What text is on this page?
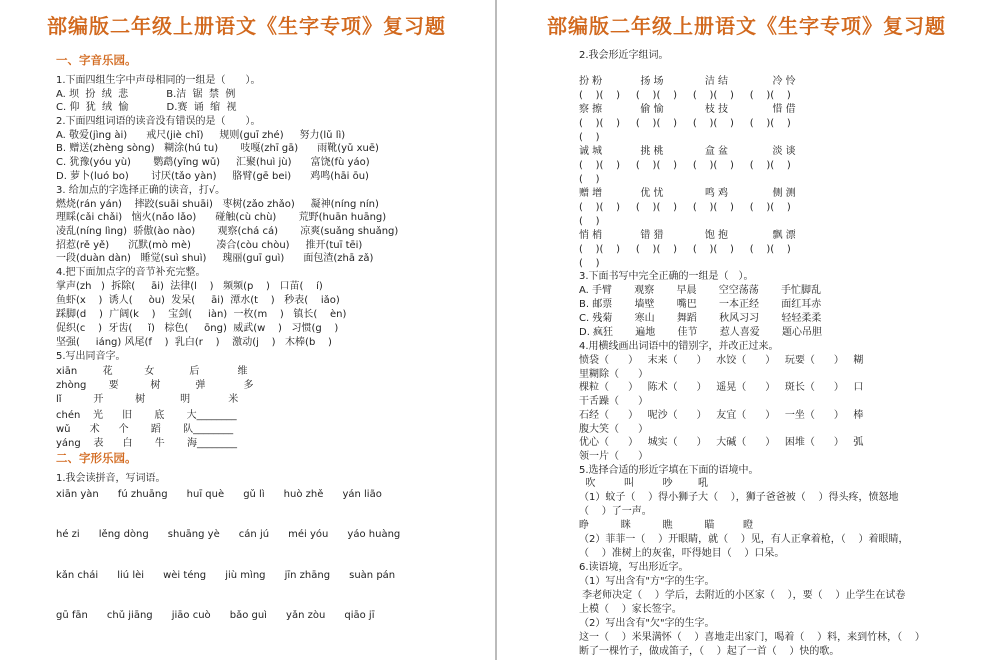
部编版二年级上册语文《生字专项》复习题
一、字音乐园。
1.下面四组生字中声母相同的一组是（　　）。
A. 坝  扮  绒  悲            B.洁  锯  禁  例
C. 仰  犹  绒  愉            D.赛  诵  缩  视
2.下面四组词语的读音没有错误的是（　　）。
A. 敬爱(jìng ài)      戒尺(jiè chǐ)     规则(guī zhé)     努力(lǔ lì)
B. 赠送(zhèng sòng)   糊涂(hú tu)       吱嘎(zhī gā)      雨靴(yǔ xuē)
C. 犹豫(yóu yù)       鹦鹉(yīng wǔ)     汇聚(huì jù)      富饶(fù yáo)
D. 萝卜(luó bo)       讨厌(tǎo yàn)     胳臂(gē bei)      鸡鸣(hāi ōu)
3. 给加点的字选择正确的读音，打√。
燃烧(rán yán)    摔跤(suāi shuāi)   枣树(zǎo zhǎo)     凝神(níng nín)
理睬(cǎi chǎi)   恼火(nǎo lǎo)      碰触(cù chù)       荒野(huān huāng)
凌乱(níng lìng)  骄傲(ào nào)       观察(chá cá)       凉爽(suǎng shuǎng)
招惹(rě yě)      沉默(mò mè)        凑合(còu chòu)     推开(tuī tēi)
一段(duàn dàn)   睡觉(suì shuì)     瑰丽(guī guì)      面包渣(zhā zǎ)
4.把下面加点字的音节补充完整。
掌声(zh   )  拆除(     āi)  法律(l    )   频频(p    )   口苗(    í)
鱼虾(x    )  诱人(     òu)  发呆(     āi)  潭水(t    )   秒表(    iǎo)
踩脚(d    )  广阔(k    )    宝剑(     iàn)  一枚(m    )   镇长(    èn)
促织(c    )  牙齿(     ǐ)   棕色(     ōng)  威武(w    )   习惯(g    )
坚强(     iáng) 风尾(f    )  乳白(r    )    激动(j    )   木棒(b    )
5.写出同音字。
xiān        花          女           后            维
zhòng       要          树           弹            多
lǐ          开          树           明            米
chén    光      旧       底       大________
wǔ      术      个       蹈       队________
yáng    表      白       牛       海________
二、字形乐园。
1.我会读拼音，写词语。
xiān yàn      fú zhuāng      huī què      gǔ lì      huò zhě      yán lião
hé zi      lěng dòng      shuāng yè      cán jú      méi yóu      yáo huàng
kǎn chái      liú lèi      wèi téng      jiù mìng      jīn zhāng      suàn pán
gū fān      chǔ jiāng      jiāo cuò      bǎo guì      yǎn zòu      qiāo jī
部编版二年级上册语文《生字专项》复习题
2.我会形近字组词。
扮 粉            扬 场             洁 结              冷 怜
(    )(    )     (    )(    )     (    )(    )     (    )(    )
察 擦            偷 愉             枝 技              惜 借
(    )(    )     (    )(    )     (    )(    )     (    )(    )
(    )
诚 城            挑 桃             盒 盆              淡 谈
(    )(    )     (    )(    )     (    )(    )     (    )(    )
(    )
赠 增            优 忧             鸣 鸡              侧 测
(    )(    )     (    )(    )     (    )(    )     (    )(    )
(    )
悄 梢            错 猎             饱 抱              飘 漂
(    )(    )     (    )(    )     (    )(    )     (    )(    )
(    )
3.下面书写中完全正确的一组是（　）。
A. 手臂       观察       早晨       空空荡荡       手忙脚乱
B. 邮票       墙壁       嘴巴       一本正经       面红耳赤
C. 残菊       寒山       舞蹈       秋风习习       轻轻柔柔
D. 疯狂       遍地       佳节       惹人喜爱       题心吊胆
4.用横线画出词语中的错别字，并改正过来。
愤袋（      ）   末来（      ）   水饺（      ）   玩要（      ）   糊
里糊除（      ）
棵粒（      ）   陈术（      ）   遥晃（      ）   斑长（      ）   口
干舌躁（      ）
石经（      ）   呢沙（      ）   友宜（      ）   一坐（      ）   棒
腹大笑（      ）
优心（      ）   城实（      ）   大碱（      ）   困堆（      ）   弧
领一片（      ）
5.选择合适的形近字填在下面的语境中。
吹         叫         吵        吼
（1）蚊子（    ）得小狮子大（    ），狮子爸爸被（    ）得头疼，愤怒地
（    ）了一声。
睁          眯          瞧          瞄         瞪
（2）菲菲一（    ）开眼睛，就（    ）见，有人正拿着枪，（    ）着眼睛，
（    ）准树上的灰雀，吓得她目（    ）口呆。
6.读语境，写出形近字。
（1）写出含有"方"字的生字。
李老师决定（    ）学后，去附近的小区家（    ），要（    ）止学生在试卷
上模（    ）家长签字。
（2）写出含有"欠"字的生字。
这一（    ）米果满怀（    ）喜地走出家门，喝着（    ）料，来到竹林，（    ）
断了一棵竹子，做成笛子，（    ）起了一首（    ）快的歌。
